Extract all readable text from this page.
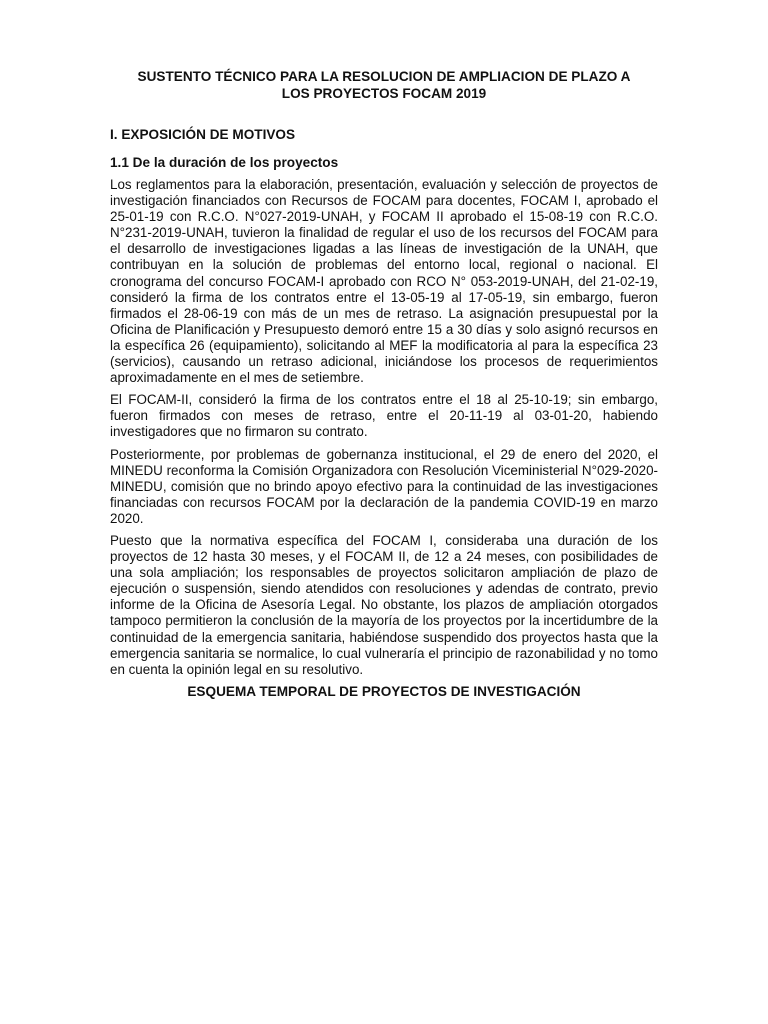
SUSTENTO TÉCNICO PARA LA RESOLUCION DE AMPLIACION DE PLAZO A
LOS PROYECTOS FOCAM 2019

I. EXPOSICIÓN DE MOTIVOS

1.1 De la duración de los proyectos

Los reglamentos para la elaboración, presentación, evaluación y selección de proyectos de investigación financiados con Recursos de FOCAM para docentes, FOCAM I, aprobado el 25-01-19 con R.C.O. N°027-2019-UNAH, y FOCAM II aprobado el 15-08-19 con R.C.O. N°231-2019-UNAH, tuvieron la finalidad de regular el uso de los recursos del FOCAM para el desarrollo de investigaciones ligadas a las líneas de investigación de la UNAH, que contribuyan en la solución de problemas del entorno local, regional o nacional. El cronograma del concurso FOCAM-I aprobado con RCO N° 053-2019-UNAH, del 21-02-19, consideró la firma de los contratos entre el 13-05-19 al 17-05-19, sin embargo, fueron firmados el 28-06-19 con más de un mes de retraso. La asignación presupuestal por la Oficina de Planificación y Presupuesto demoró entre 15 a 30 días y solo asignó recursos en la específica 26 (equipamiento), solicitando al MEF la modificatoria al para la específica 23 (servicios), causando un retraso adicional, iniciándose los procesos de requerimientos aproximadamente en el mes de setiembre.

El FOCAM-II, consideró la firma de los contratos entre el 18 al 25-10-19; sin embargo, fueron firmados con meses de retraso, entre el 20-11-19 al 03-01-20, habiendo investigadores que no firmaron su contrato.

Posteriormente, por problemas de gobernanza institucional, el 29 de enero del 2020, el MINEDU reconforma la Comisión Organizadora con Resolución Viceministerial N°029-2020-MINEDU, comisión que no brindo apoyo efectivo para la continuidad de las investigaciones financiadas con recursos FOCAM por la declaración de la pandemia COVID-19 en marzo 2020.

Puesto que la normativa específica del FOCAM I, consideraba una duración de los proyectos de 12 hasta 30 meses, y el FOCAM II, de 12 a 24 meses, con posibilidades de una sola ampliación; los responsables de proyectos solicitaron ampliación de plazo de ejecución o suspensión, siendo atendidos con resoluciones y adendas de contrato, previo informe de la Oficina de Asesoría Legal. No obstante, los plazos de ampliación otorgados tampoco permitieron la conclusión de la mayoría de los proyectos por la incertidumbre de la continuidad de la emergencia sanitaria, habiéndose suspendido dos proyectos hasta que la emergencia sanitaria se normalice, lo cual vulneraría el principio de razonabilidad y no tomo en cuenta la opinión legal en su resolutivo.

ESQUEMA TEMPORAL DE PROYECTOS DE INVESTIGACIÓN
